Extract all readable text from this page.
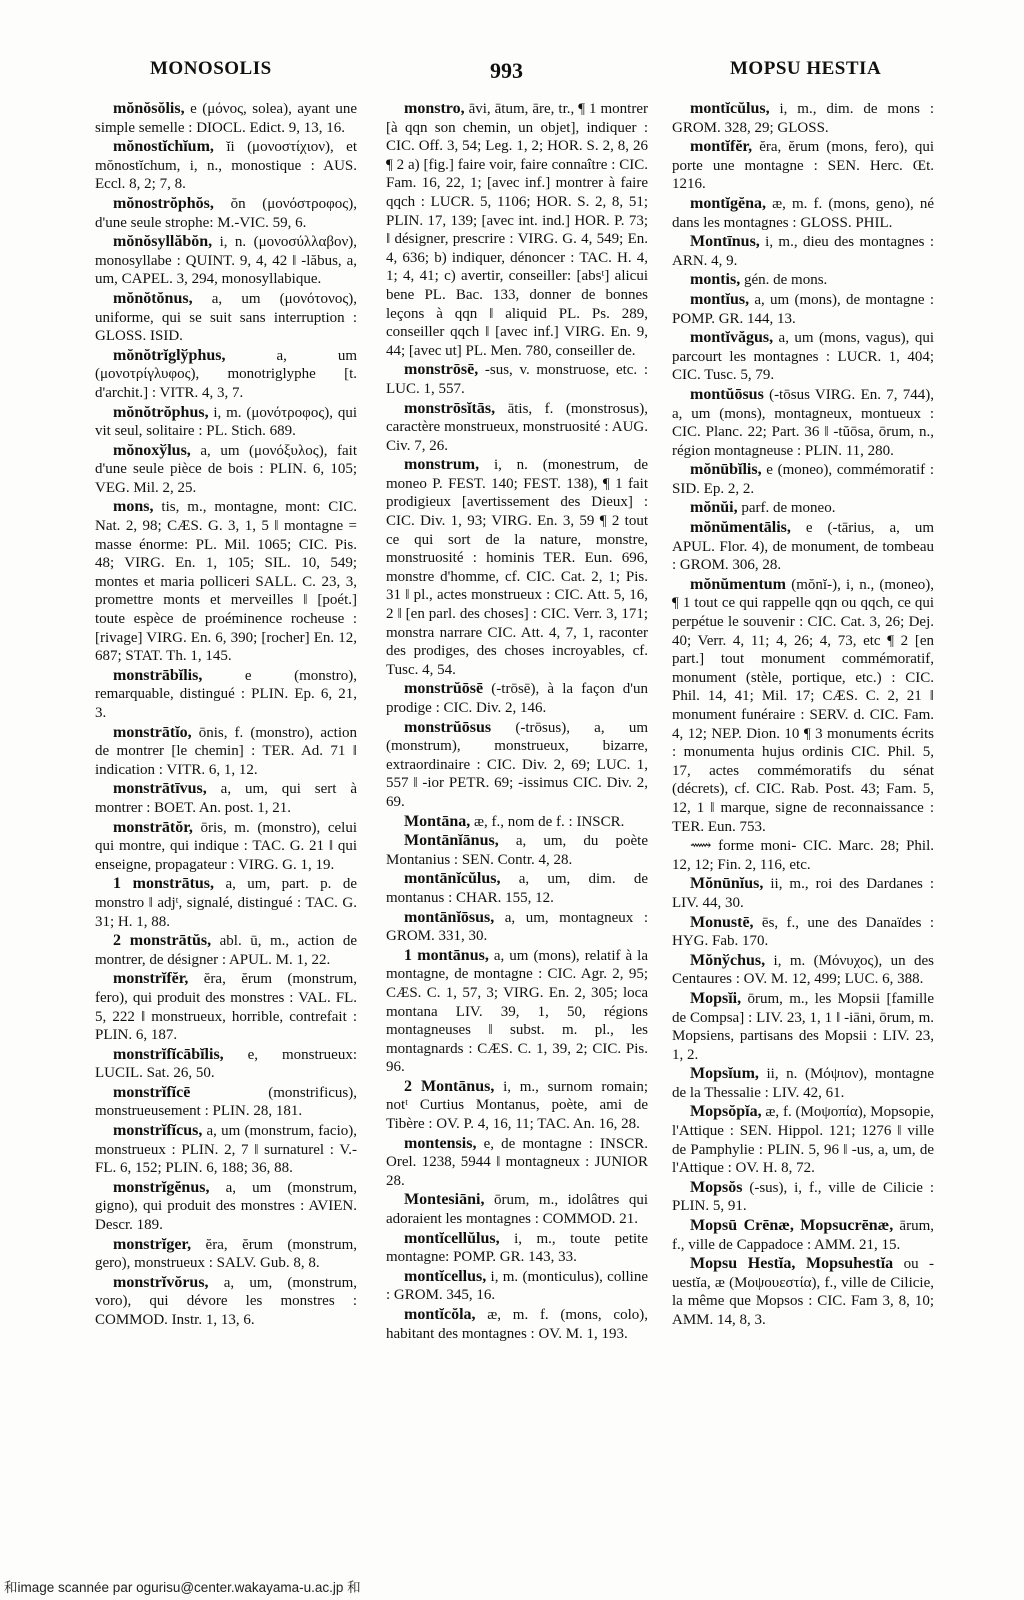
MONOSOLIS	993	MOPSU HESTIA

mŏnŏsŏlis, e (μόνος, solea), ayant une simple semelle : DIOCL. Edict. 9, 13, 16.

mŏnostĭchĭum, ĭi (μονοστίχιον), et mŏnostĭchum, i, n., monostique : AUS. Eccl. 8, 2; 7, 8.

mŏnostrŏphŏs, ŏn (μονόστροφος), d'une seule strophe: M.-VIC. 59, 6.

mŏnŏsyllăbŏn, i, n. (μονοσύλλαβον), monosyllabe : QUINT. 9, 4, 42 ‖ -lăbus, a, um, CAPEL. 3, 294, monosyllabique.

mŏnŏtŏnus, a, um (μονότονος), uniforme, qui se suit sans interruption : GLOSS. ISID.

mŏnŏtrĭglўphus, a, um (μονοτρίγλυφος), monotriglyphe [t. d'archit.] : VITR. 4, 3, 7.

mŏnŏtrŏphus, i, m. (μονότροφος), qui vit seul, solitaire : PL. Stich. 689.

mŏnoxўlus, a, um (μονόξυλος), fait d'une seule pièce de bois : PLIN. 6, 105; VEG. Mil. 2, 25.

mons, tis, m., montagne, mont: CIC. Nat. 2, 98; CÆS. G. 3, 1, 5 ‖ montagne = masse énorme: PL. Mil. 1065; CIC. Pis. 48; VIRG. En. 1, 105; SIL. 10, 549; montes et maria polliceri SALL. C. 23, 3, promettre monts et merveilles ‖ [poét.] toute espèce de proéminence rocheuse : [rivage] VIRG. En. 6, 390; [rocher] En. 12, 687; STAT. Th. 1, 145.

monstrābĭlis, e (monstro), remarquable, distingué : PLIN. Ep. 6, 21, 3.

monstrātĭo, ōnis, f. (monstro), action de montrer [le chemin] : TER. Ad. 71 ‖ indication : VITR. 6, 1, 12.

monstrātīvus, a, um, qui sert à montrer : BOET. An. post. 1, 21.

monstrātŏr, ōris, m. (monstro), celui qui montre, qui indique : TAC. G. 21 ‖ qui enseigne, propagateur : VIRG. G. 1, 19.

1 monstrātus, a, um, part. p. de monstro ‖ adjᵗ, signalé, distingué : TAC. G. 31; H. 1, 88.

2 monstrātŭs, abl. ū, m., action de montrer, de désigner : APUL. M. 1, 22.

monstrĭfĕr, ĕra, ĕrum (monstrum, fero), qui produit des monstres : VAL. FL. 5, 222 ‖ monstrueux, horrible, contrefait : PLIN. 6, 187.

monstrĭfĭcābĭlis, e, monstrueux: LUCIL. Sat. 26, 50.

monstrĭfĭcē (monstrificus), monstrueusement : PLIN. 28, 181.

monstrĭfĭcus, a, um (monstrum, facio), monstrueux : PLIN. 2, 7 ‖ surnaturel : V.-FL. 6, 152; PLIN. 6, 188; 36, 88.

monstrĭgĕnus, a, um (monstrum, gigno), qui produit des monstres : AVIEN. Descr. 189.

monstrĭger, ĕra, ĕrum (monstrum, gero), monstrueux : SALV. Gub. 8, 8.

monstrĭvŏrus, a, um, (monstrum, voro), qui dévore les monstres : COMMOD. Instr. 1, 13, 6.

monstro, āvi, ātum, āre, tr., ¶ 1 montrer [à qqn son chemin, un objet], indiquer : CIC. Off. 3, 54; Leg. 1, 2; HOR. S. 2, 8, 26 ¶ 2 a) [fig.] faire voir, faire connaître : CIC. Fam. 16, 22, 1; [avec inf.] montrer à faire qqch : LUCR. 5, 1106; HOR. S. 2, 8, 51; PLIN. 17, 139; [avec int. ind.] HOR. P. 73; ‖ désigner, prescrire : VIRG. G. 4, 549; En. 4, 636; b) indiquer, dénoncer : TAC. H. 4, 1; 4, 41; c) avertir, conseiller: [absᵗ] alicui bene PL. Bac. 133, donner de bonnes leçons à qqn ‖ aliquid PL. Ps. 289, conseiller qqch ‖ [avec inf.] VIRG. En. 9, 44; [avec ut] PL. Men. 780, conseiller de.

monstrōsē, -sus, v. monstruose, etc. : LUC. 1, 557.

monstrōsĭtās, ātis, f. (monstrosus), caractère monstrueux, monstruosité : AUG. Civ. 7, 26.

monstrum, i, n. (monestrum, de moneo P. FEST. 140; FEST. 138), ¶ 1 fait prodigieux [avertissement des Dieux] : CIC. Div. 1, 93; VIRG. En. 3, 59 ¶ 2 tout ce qui sort de la nature, monstre, monstruosité : hominis TER. Eun. 696, monstre d'homme, cf. CIC. Cat. 2, 1; Pis. 31 ‖ pl., actes monstrueux : CIC. Att. 5, 16, 2 ‖ [en parl. des choses] : CIC. Verr. 3, 171; monstra narrare CIC. Att. 4, 7, 1, raconter des prodiges, des choses incroyables, cf. Tusc. 4, 54.

monstrŭōsē (-trōsē), à la façon d'un prodige : CIC. Div. 2, 146.

monstrŭōsus (-trōsus), a, um (monstrum), monstrueux, bizarre, extraordinaire : CIC. Div. 2, 69; LUC. 1, 557 ‖ -ior PETR. 69; -issimus CIC. Div. 2, 69.

Montāna, æ, f., nom de f. : INSCR.

Montānĭānus, a, um, du poète Montanius : SEN. Contr. 4, 28.

montānĭcŭlus, a, um, dim. de montanus : CHAR. 155, 12.

montānĭōsus, a, um, montagneux : GROM. 331, 30.

1 montānus, a, um (mons), relatif à la montagne, de montagne : CIC. Agr. 2, 95; CÆS. C. 1, 57, 3; VIRG. En. 2, 305; loca montana LIV. 39, 1, 50, régions montagneuses ‖ subst. m. pl., les montagnards : CÆS. C. 1, 39, 2; CIC. Pis. 96.

2 Montānus, i, m., surnom romain; notᵗ Curtius Montanus, poète, ami de Tibère : OV. P. 4, 16, 11; TAC. An. 16, 28.

montensis, e, de montagne : INSCR. Orel. 1238, 5944 ‖ montagneux : JUNIOR 28.

Montesiāni, ōrum, m., idolâtres qui adoraient les montagnes : COMMOD. 21.

montĭcellŭlus, i, m., toute petite montagne: POMP. GR. 143, 33.

montĭcellus, i, m. (monticulus), colline : GROM. 345, 16.

montĭcŏla, æ, m. f. (mons, colo), habitant des montagnes : OV. M. 1, 193.

montĭcŭlus, i, m., dim. de mons : GROM. 328, 29; GLOSS.

montĭfĕr, ĕra, ĕrum (mons, fero), qui porte une montagne : SEN. Herc. Œt. 1216.

montĭgĕna, æ, m. f. (mons, geno), né dans les montagnes : GLOSS. PHIL.

Montīnus, i, m., dieu des montagnes : ARN. 4, 9.

montis, gén. de mons.

montĭus, a, um (mons), de montagne : POMP. GR. 144, 13.

montĭvăgus, a, um (mons, vagus), qui parcourt les montagnes : LUCR. 1, 404; CIC. Tusc. 5, 79.

montŭōsus (-tōsus VIRG. En. 7, 744), a, um (mons), montagneux, montueux : CIC. Planc. 22; Part. 36 ‖ -tŭōsa, ōrum, n., région montagneuse : PLIN. 11, 280.

mŏnūbĭlis, e (moneo), commémoratif : SID. Ep. 2, 2.

mŏnŭi, parf. de moneo.

mŏnŭmentālis, e (-tārius, a, um APUL. Flor. 4), de monument, de tombeau : GROM. 306, 28.

mŏnŭmentum (mŏnĭ-), i, n., (moneo), ¶ 1 tout ce qui rappelle qqn ou qqch, ce qui perpétue le souvenir : CIC. Cat. 3, 26; Dej. 40; Verr. 4, 11; 4, 26; 4, 73, etc ¶ 2 [en part.] tout monument commémoratif, monument (stèle, portique, etc.) : CIC. Phil. 14, 41; Mil. 17; CÆS. C. 2, 21 ‖ monument funéraire : SERV. d. CIC. Fam. 4, 12; NEP. Dion. 10 ¶ 3 monuments écrits : monumenta hujus ordinis CIC. Phil. 5, 17, actes commémoratifs du sénat (décrets), cf. CIC. Rab. Post. 43; Fam. 5, 12, 1 ‖ marque, signe de reconnaissance : TER. Eun. 753.

⟿ forme moni- CIC. Marc. 28; Phil. 12, 12; Fin. 2, 116, etc.

Mŏnūnĭus, ii, m., roi des Dardanes : LIV. 44, 30.

Monustē, ēs, f., une des Danaïdes : HYG. Fab. 170.

Mŏnўchus, i, m. (Μόνυχος), un des Centaures : OV. M. 12, 499; LUC. 6, 388.

Mopsĭi, ōrum, m., les Mopsii [famille de Compsa] : LIV. 23, 1, 1 ‖ -iāni, ōrum, m. Mopsiens, partisans des Mopsii : LIV. 23, 1, 2.

Mopsĭum, ii, n. (Μόψιον), montagne de la Thessalie : LIV. 42, 61.

Mopsŏpĭa, æ, f. (Μοψοπία), Mopsopie, l'Attique : SEN. Hippol. 121; 1276 ‖ ville de Pamphylie : PLIN. 5, 96 ‖ -us, a, um, de l'Attique : OV. H. 8, 72.

Mopsŏs (-sus), i, f., ville de Cilicie : PLIN. 5, 91.

Mopsū Crēnæ, Mopsucrēnæ, ārum, f., ville de Cappadoce : AMM. 21, 15.

Mopsu Hestĭa, Mopsuhestĭa ou -uestĭa, æ (Μοψουεστία), f., ville de Cilicie, la même que Mopsos : CIC. Fam 3, 8, 10; AMM. 14, 8, 3.

和image scannée par ogurisu@center.wakayama-u.ac.jp 和
